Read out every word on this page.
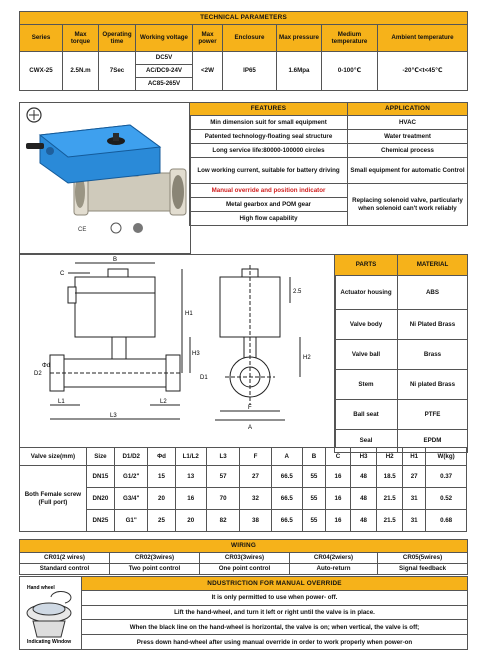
TECHNICAL PARAMETERS								
Series	Max torque	Operating time	Working voltage	Max power	Enclosure	Max pressure	Medium temperature	Ambient temperature
CWX-25	2.5N.m	7Sec	DC5V	<2W	IP65	1.6Mpa	0-100℃	-20℃<t<45℃
			AC/DC9-24V					
			AC85-265V					
CE
FEATURES	APPLICATION
Min dimension suit for small equipment	HVAC
Patented technology-floating seal structure	Water treatment
Long service life:80000-100000 circles	Chemical process
Low working current, suitable for battery driving	Small equipment for automatic Control
Manual override and position indicator	Replacing solenoid valve, particularly when solenoid can't work reliably
Metal gearbox and POM gear	
High flow capability	
B
C
H1
H3
D2
Φd
L1	L2
L3
2.5
F
A
D1
H2
PARTS	MATERIAL
Actuator housing	ABS
Valve body	Ni Plated Brass
Valve ball	Brass
Stem	Ni plated Brass
Ball seat	PTFE
Seal	EPDM
Valve size(mm)	Size	D1/D2	Φd	L1/L2	L3	F	A	B	C	H3	H2	H1	W(kg)
Both Female screw (Full port)	DN15	G1/2"	15	13	57	27	66.5	55	16	48	18.5	27	0.37
	DN20	G3/4"	20	16	70	32	66.5	55	16	48	21.5	31	0.52
	DN25	G1"	25	20	82	38	66.5	55	16	48	21.5	31	0.68
WIRING				
CR01(2 wires)	CR02(3wires)	CR03(3wires)	CR04(2wiers)	CR05(5wires)
Standard control	Two point control	One point control	Auto-return	Signal feedback
Hand wheel
Indicating Window
	NDUSTRICTION FOR MANUAL OVERRIDE
It is only permitted to use when power- off.
Lift the hand-wheel, and turn it left or right until the valve is in place.
When the black line on the hand-wheel is horizontal, the valve is on; when vertical, the valve is off;
Press down hand-wheel after using manual override in order to work properly when power-on
